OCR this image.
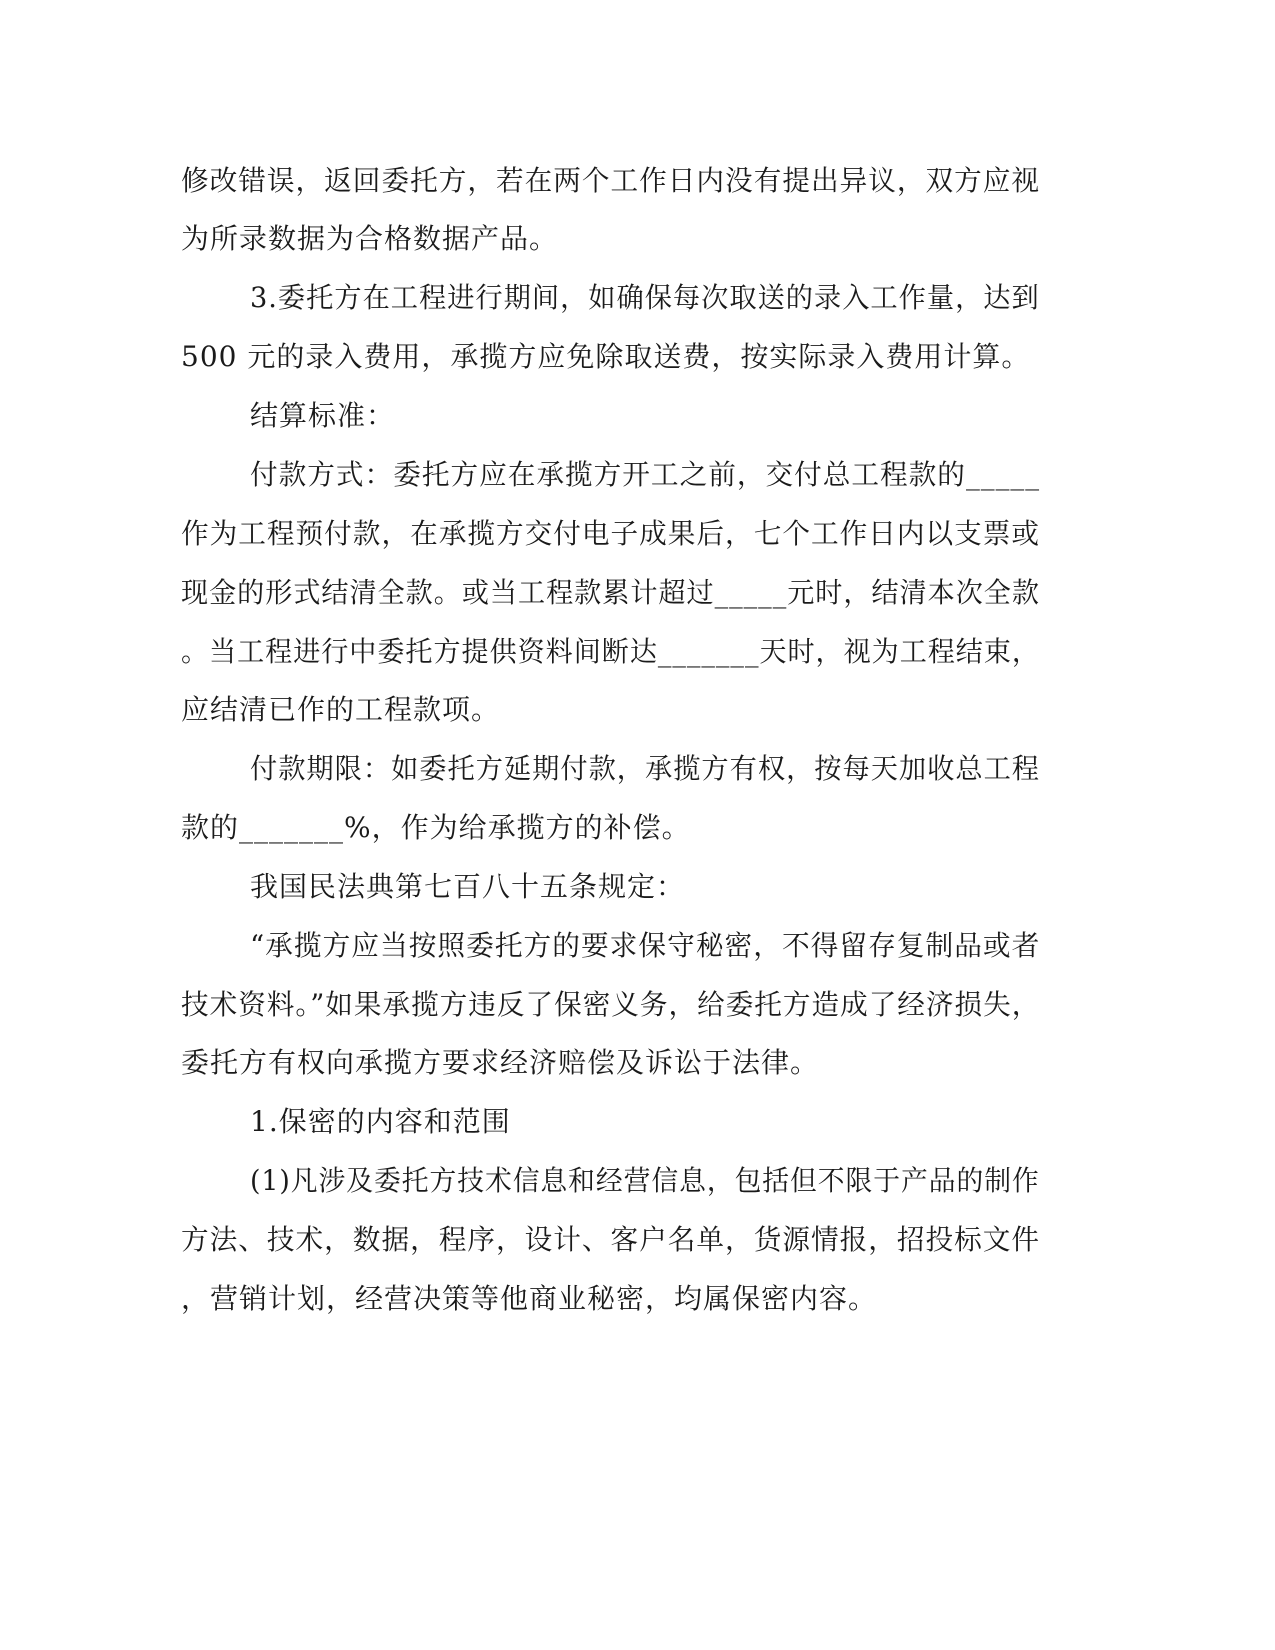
修改错误，返回委托方，若在两个工作日内没有提出异议，双方应视
为所录数据为合格数据产品。
3.委托方在工程进行期间，如确保每次取送的录入工作量，达到
500 元的录入费用，承揽方应免除取送费，按实际录入费用计算。
结算标准：
付款方式：委托方应在承揽方开工之前，交付总工程款的_____
作为工程预付款，在承揽方交付电子成果后，七个工作日内以支票或
现金的形式结清全款。或当工程款累计超过_____元时，结清本次全款
。当工程进行中委托方提供资料间断达_______天时，视为工程结束，
应结清已作的工程款项。
付款期限：如委托方延期付款，承揽方有权，按每天加收总工程
款的_______%，作为给承揽方的补偿。
我国民法典第七百八十五条规定：
“承揽方应当按照委托方的要求保守秘密，不得留存复制品或者
技术资料。”如果承揽方违反了保密义务，给委托方造成了经济损失，
委托方有权向承揽方要求经济赔偿及诉讼于法律。
1.保密的内容和范围
(1)凡涉及委托方技术信息和经营信息，包括但不限于产品的制作
方法、技术，数据，程序，设计、客户名单，货源情报，招投标文件
，营销计划，经营决策等他商业秘密，均属保密内容。
